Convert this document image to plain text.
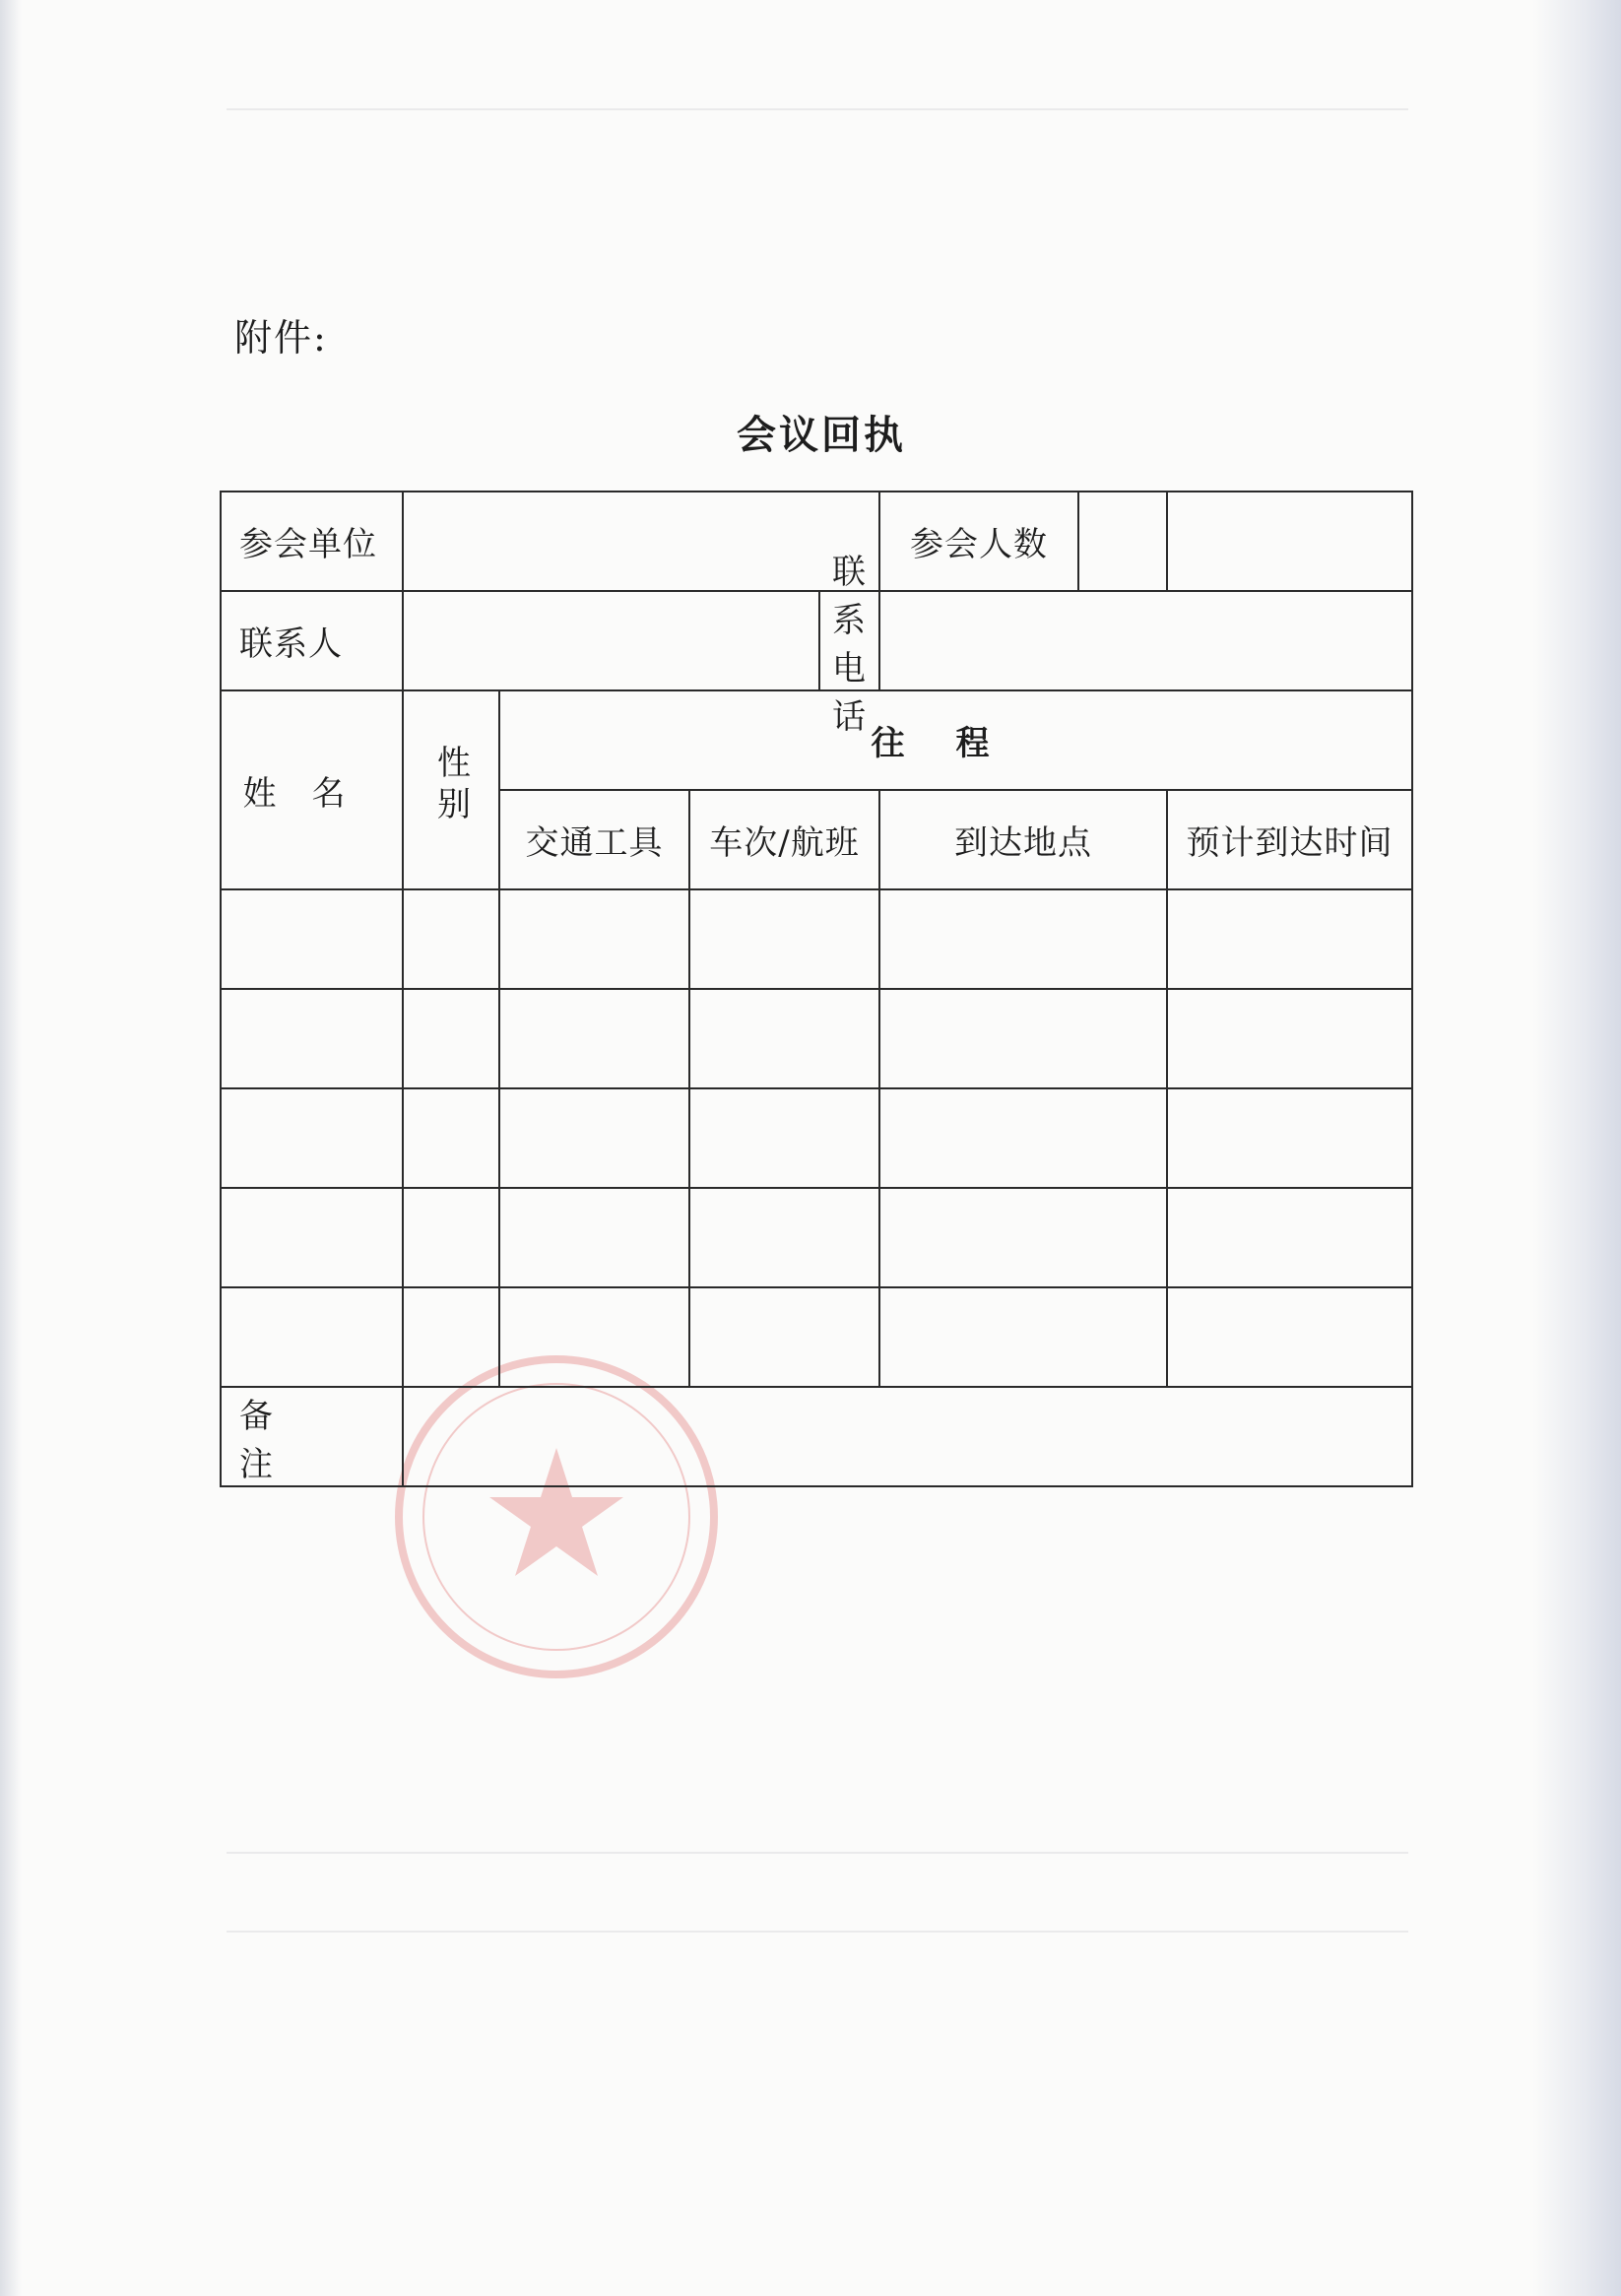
附件:
会议回执
参会单位				参会人数	

联系人	联系电话				

姓名	性别	往程			
		交通工具	车次/航班	到达地点	预计到达时间

备注					
